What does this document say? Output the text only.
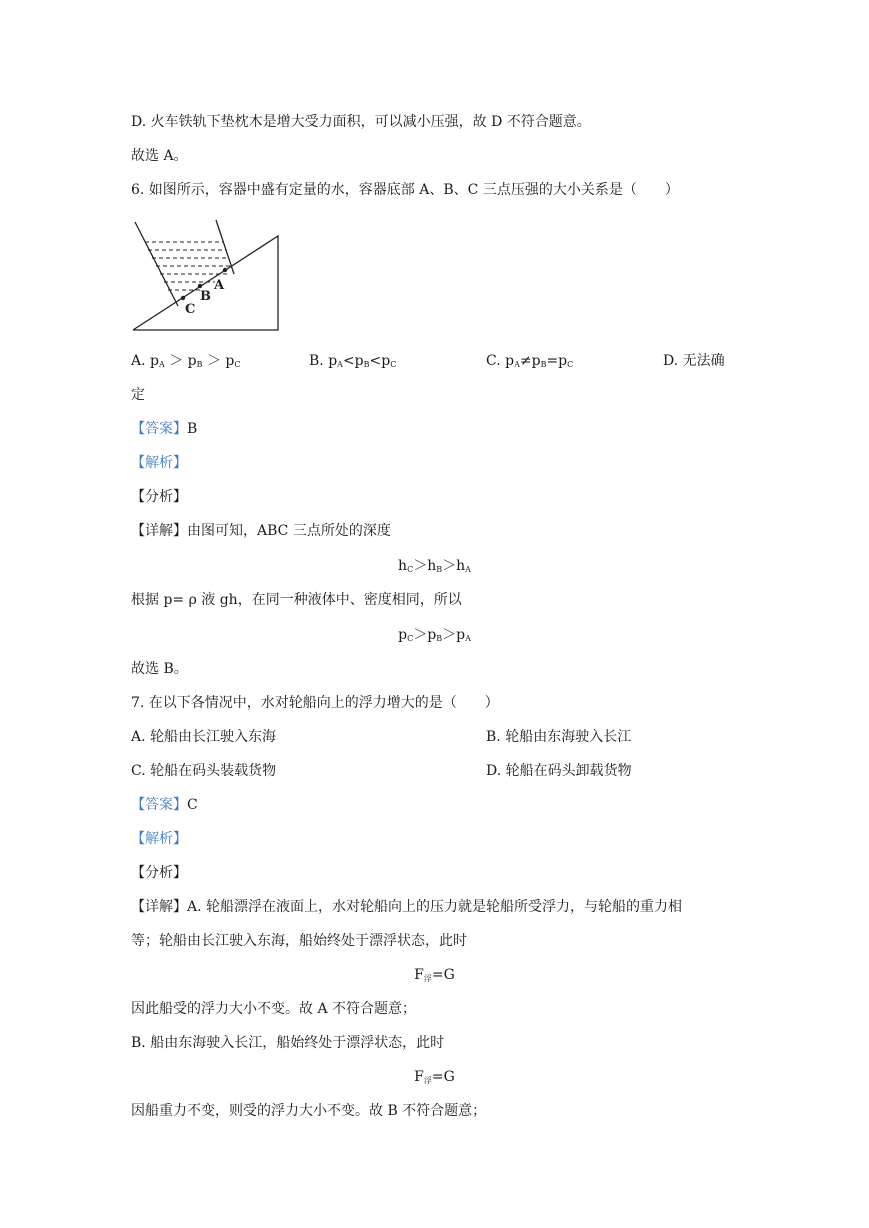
D. 火车铁轨下垫枕木是增大受力面积，可以减小压强，故 D 不符合题意。
故选 A。
6. 如图所示，容器中盛有定量的水，容器底部 A、B、C 三点压强的大小关系是（　　）
A
B
C
A. $p_A > p_B > p_C$	B. $p_A<p_B<p_C$	C. $p_A\ne p_B=p_C$	D. 无法确
定
【答案】B
【解析】
【分析】
【详解】由图可知，ABC 三点所处的深度
$h_C>h_B>h_A$
根据 p= ρ 液 gh，在同一种液体中、密度相同，所以
$p_C>p_B>p_A$
故选 B。
7. 在以下各情况中，水对轮船向上的浮力增大的是（　　）
A. 轮船由长江驶入东海	B. 轮船由东海驶入长江
C. 轮船在码头装载货物	D. 轮船在码头卸载货物
【答案】C
【解析】
【分析】
【详解】A. 轮船漂浮在液面上，水对轮船向上的压力就是轮船所受浮力，与轮船的重力相
等；轮船由长江驶入东海，船始终处于漂浮状态，此时
$F_浮=G$
因此船受的浮力大小不变。故 A 不符合题意；
B. 船由东海驶入长江，船始终处于漂浮状态，此时
$F_浮=G$
因船重力不变，则受的浮力大小不变。故 B 不符合题意；
